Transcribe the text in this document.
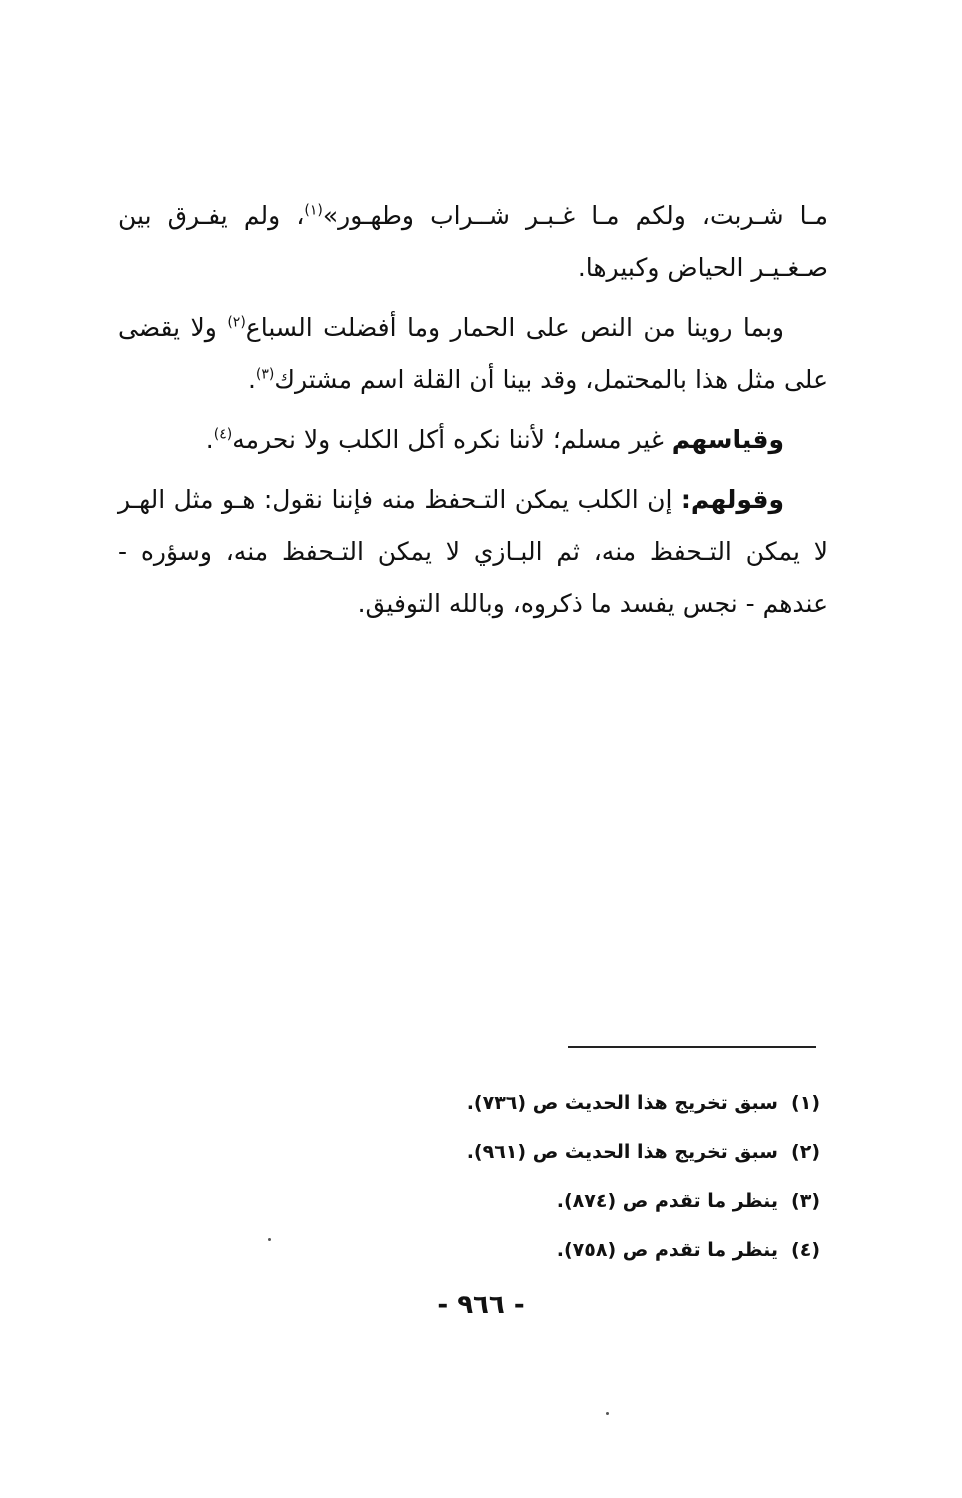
مـا شـربت، ولكم مـا غـبـر شــراب وطهـور»$^{(١)}$، ولم يفـرق بين صـغـيـر الحياض وكبيرها.

وبما روينا من النص على الحمار وما أفضلت السباع$^{(٢)}$ ولا يقضى على مثل هذا بالمحتمل، وقد بينا أن القلة اسم مشترك$^{(٣)}$.

وقياسهم غير مسلم؛ لأننا نكره أكل الكلب ولا نحرمه$^{(٤)}$.

وقولهم: إن الكلب يمكن التـحفظ منه فإننا نقول: هـو مثل الهـر لا يمكن التـحفظ منه، ثم البـازي لا يمكن التـحفظ منه، وسؤره - عندهم - نجس يفسد ما ذكروه، وبالله التوفيق.

(١)
سبق تخريج هذا الحديث ص (٧٣٦).
(٢)
سبق تخريج هذا الحديث ص (٩٦١).
(٣)
ينظر ما تقدم ص (٨٧٤).
(٤)
ينظر ما تقدم ص (٧٥٨).
- ٩٦٦ -
